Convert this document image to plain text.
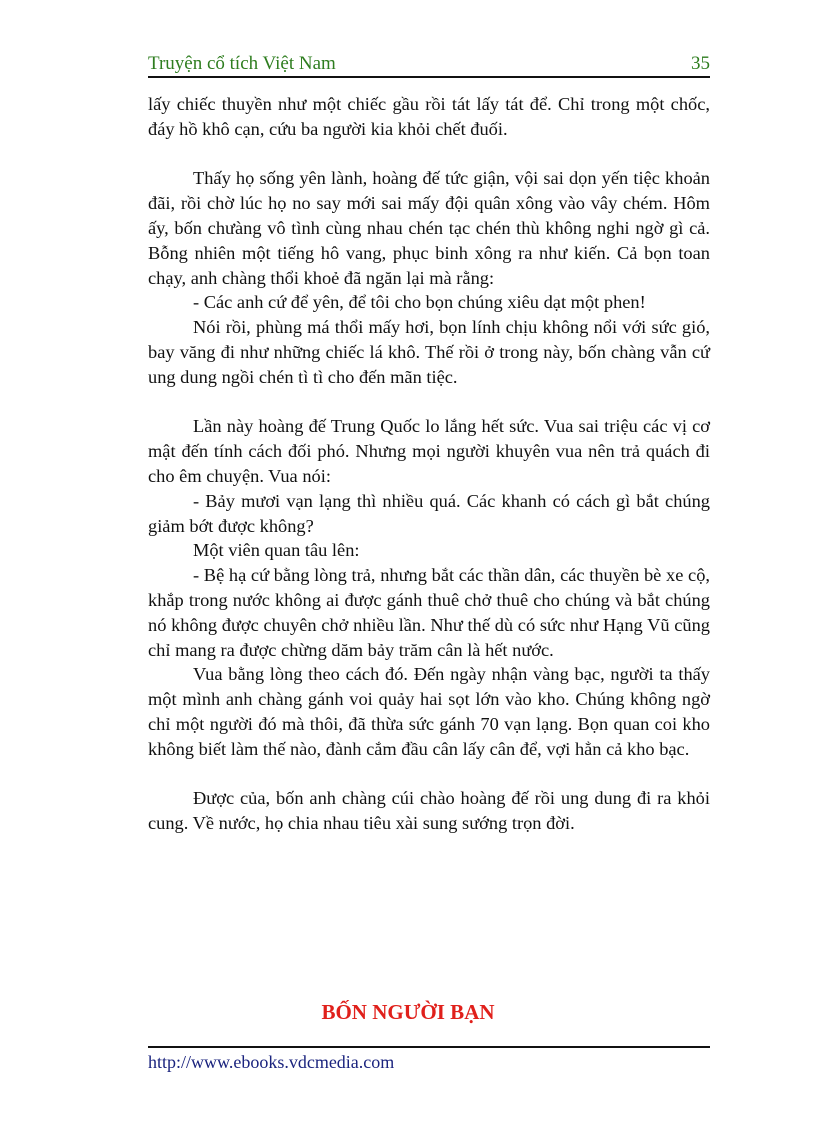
Truyện cổ tích Việt Nam	35

lấy chiếc thuyền như một chiếc gầu rồi tát lấy tát để. Chỉ trong một chốc, đáy hồ khô cạn, cứu ba người kia khỏi chết đuối.

Thấy họ sống yên lành, hoàng đế tức giận, vội sai dọn yến tiệc khoản đãi, rồi chờ lúc họ no say mới sai mấy đội quân xông vào vây chém. Hôm ấy, bốn chưàng vô tình cùng nhau chén tạc chén thù không nghi ngờ gì cả. Bỗng nhiên một tiếng hô vang, phục binh xông ra như kiến. Cả bọn toan chạy, anh chàng thổi khoẻ đã ngăn lại mà rằng:

- Các anh cứ để yên, để tôi cho bọn chúng xiêu dạt một phen!

Nói rồi, phùng má thổi mấy hơi, bọn lính chịu không nổi với sức gió, bay văng đi như những chiếc lá khô. Thế rồi ở trong này, bốn chàng vẫn cứ ung dung ngồi chén tì tì cho đến mãn tiệc.

Lần này hoàng đế Trung Quốc lo lắng hết sức. Vua sai triệu các vị cơ mật đến tính cách đối phó. Nhưng mọi người khuyên vua nên trả quách đi cho êm chuyện. Vua nói:

- Bảy mươi vạn lạng thì nhiều quá. Các khanh có cách gì bắt chúng giảm bớt được không?

Một viên quan tâu lên:

- Bệ hạ cứ bằng lòng trả, nhưng bắt các thần dân, các thuyền bè xe cộ, khắp trong nước không ai được gánh thuê chở thuê cho chúng và bắt chúng nó không được chuyên chở nhiều lần. Như thế dù có sức như Hạng Vũ cũng chỉ mang ra được chừng dăm bảy trăm cân là hết nước.

Vua bằng lòng theo cách đó. Đến ngày nhận vàng bạc, người ta thấy một mình anh chàng gánh voi quảy hai sọt lớn vào kho. Chúng không ngờ chỉ một người đó mà thôi, đã thừa sức gánh 70 vạn lạng. Bọn quan coi kho không biết làm thế nào, đành cắm đầu cân lấy cân để, vợi hẳn cả kho bạc.

Được của, bốn anh chàng cúi chào hoàng đế rồi ung dung đi ra khỏi cung. Về nước, họ chia nhau tiêu xài sung sướng trọn đời.

BỐN NGƯỜI BẠN
http://www.ebooks.vdcmedia.com
